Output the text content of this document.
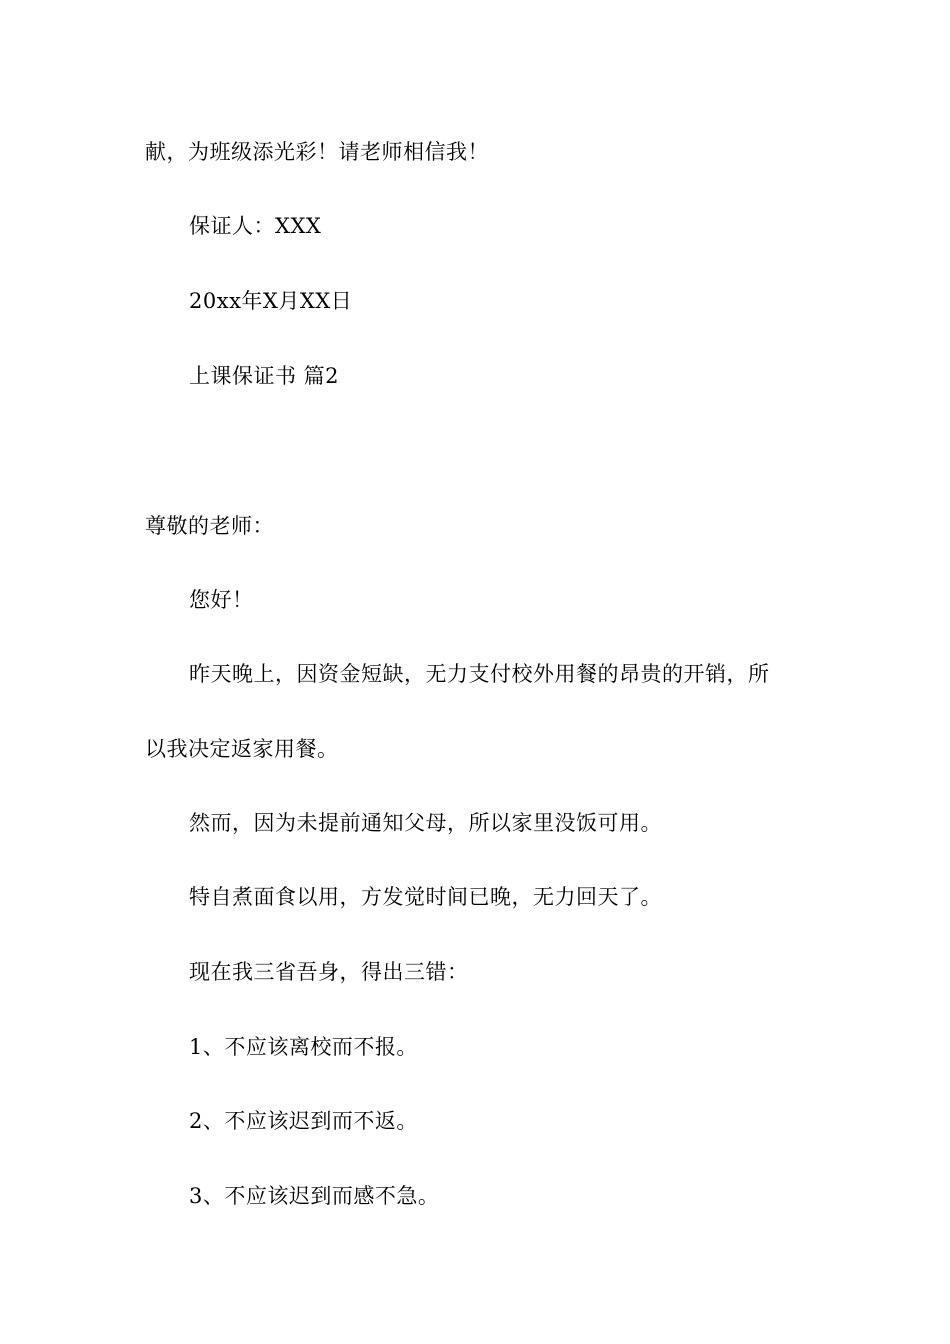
献，为班级添光彩！请老师相信我！
保证人：XXX
20xx年X月XX日
上课保证书 篇2
尊敬的老师：
您好！
昨天晚上，因资金短缺，无力支付校外用餐的昂贵的开销，所
以我决定返家用餐。
然而，因为未提前通知父母，所以家里没饭可用。
特自煮面食以用，方发觉时间已晚，无力回天了。
现在我三省吾身，得出三错：
1、不应该离校而不报。
2、不应该迟到而不返。
3、不应该迟到而感不急。
